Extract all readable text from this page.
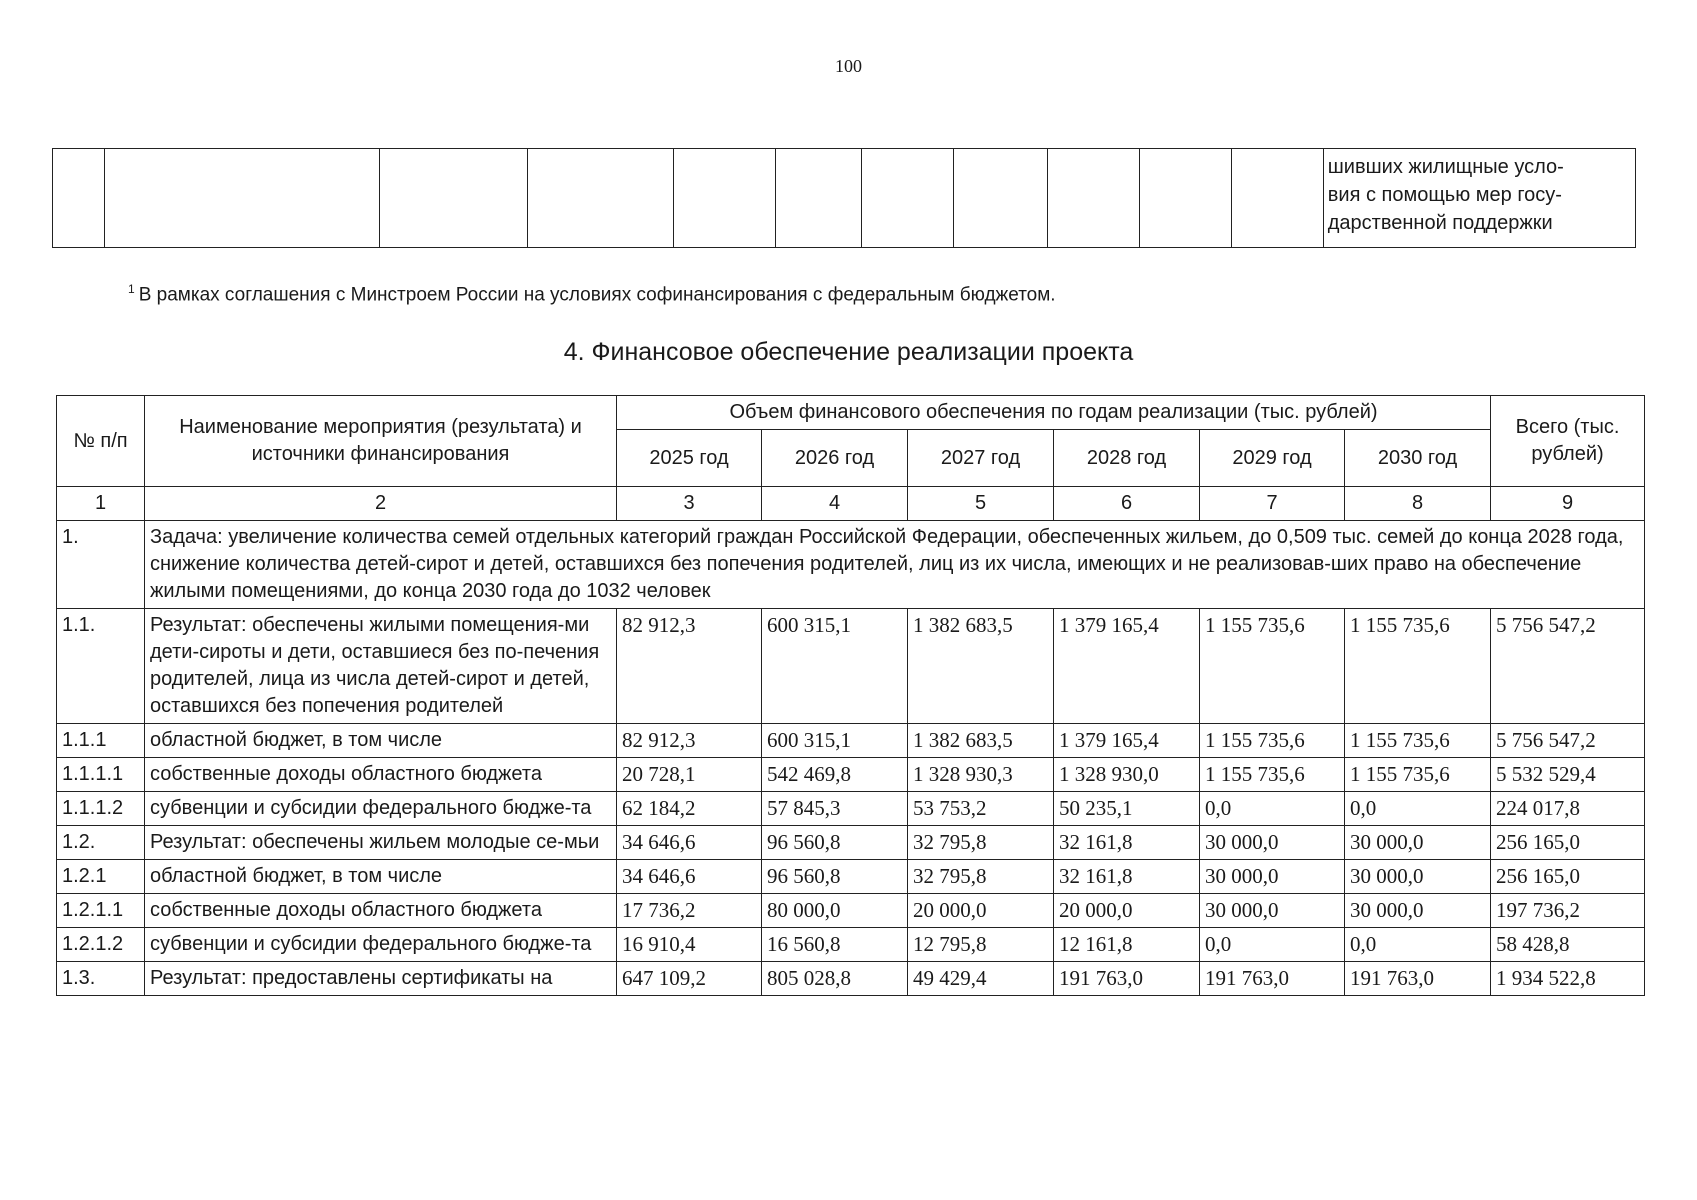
100

шивших жилищные усло-
вия с помощью мер госу-
дарственной поддержки
$^1$ В рамках соглашения с Минстроем России на условиях софинансирования с федеральным бюджетом.
4. Финансовое обеспечение реализации проекта
№ п/п	Наименование мероприятия (результата) и источники финансирования	Объем финансового обеспечения по годам реализации (тыс. рублей)						Всего (тыс. рублей)
		2025 год	2026 год	2027 год	2028 год	2029 год	2030 год	
1	2	3	4	5	6	7	8	9
1.	Задача: увеличение количества семей отдельных категорий граждан Российской Федерации, обеспеченных жильем, до 0,509 тыс. семей до конца 2028 года, снижение количества детей-сирот и детей, оставшихся без попечения родителей, лиц из их числа, имеющих и не реализовав-ших право на обеспечение жилыми помещениями, до конца 2030 года до 1032 человек							
1.1.	Результат: обеспечены жилыми помещения-ми дети-сироты и дети, оставшиеся без по-печения родителей, лица из числа детей-сирот и детей, оставшихся без попечения родителей	82 912,3	600 315,1	1 382 683,5	1 379 165,4	1 155 735,6	1 155 735,6	5 756 547,2
1.1.1	областной бюджет, в том числе	82 912,3	600 315,1	1 382 683,5	1 379 165,4	1 155 735,6	1 155 735,6	5 756 547,2
1.1.1.1	собственные доходы областного бюджета	20 728,1	542 469,8	1 328 930,3	1 328 930,0	1 155 735,6	1 155 735,6	5 532 529,4
1.1.1.2	субвенции и субсидии федерального бюдже-та	62 184,2	57 845,3	53 753,2	50 235,1	0,0	0,0	224 017,8
1.2.	Результат: обеспечены жильем молодые се-мьи	34 646,6	96 560,8	32 795,8	32 161,8	30 000,0	30 000,0	256 165,0
1.2.1	областной бюджет, в том числе	34 646,6	96 560,8	32 795,8	32 161,8	30 000,0	30 000,0	256 165,0
1.2.1.1	собственные доходы областного бюджета	17 736,2	80 000,0	20 000,0	20 000,0	30 000,0	30 000,0	197 736,2
1.2.1.2	субвенции и субсидии федерального бюдже-та	16 910,4	16 560,8	12 795,8	12 161,8	0,0	0,0	58 428,8
1.3.	Результат: предоставлены сертификаты на	647 109,2	805 028,8	49 429,4	191 763,0	191 763,0	191 763,0	1 934 522,8
